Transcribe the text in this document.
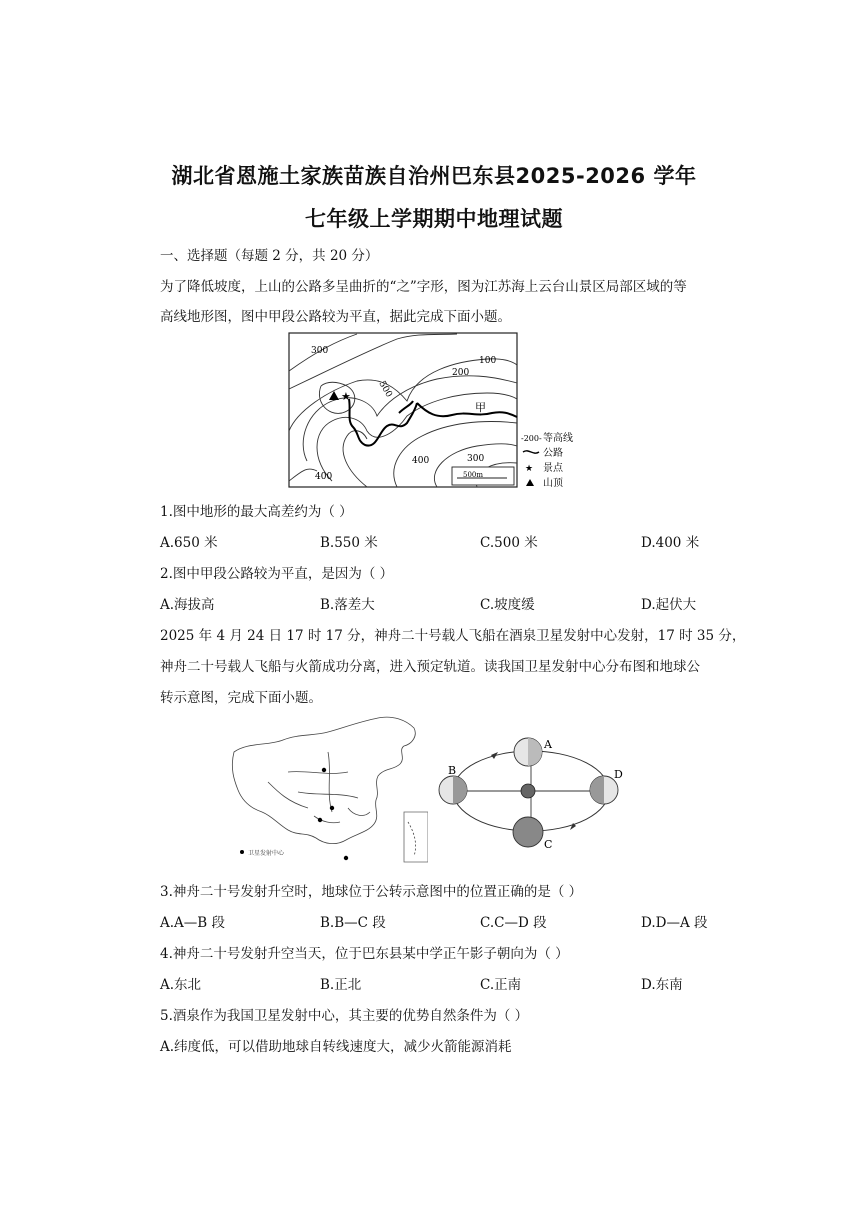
湖北省恩施土家族苗族自治州巴东县2025-2026 学年
七年级上学期期中地理试题
一、选择题（每题 2 分，共 20 分）
为了降低坡度，上山的公路多呈曲折的“之”字形，图为江苏海上云台山景区局部区域的等
高线地形图，图中甲段公路较为平直，据此完成下面小题。
★
300
500
400
100
200
400	300
甲
500m
-200- 等高线
公路
★ 景点
山顶
1.图中地形的最大高差约为（ ）
A.650 米	B.550 米	C.500 米	D.400 米
2.图中甲段公路较为平直，是因为（ ）
A.海拔高	B.落差大	C.坡度缓	D.起伏大
2025 年 4 月 24 日 17 时 17 分，神舟二十号载人飞船在酒泉卫星发射中心发射，17 时 35 分，
神舟二十号载人飞船与火箭成功分离，进入预定轨道。读我国卫星发射中心分布图和地球公
转示意图，完成下面小题。
卫星发射中心
A
B
C
D
3.神舟二十号发射升空时，地球位于公转示意图中的位置正确的是（ ）
A.A—B 段	B.B—C 段	C.C—D 段	D.D—A 段
4.神舟二十号发射升空当天，位于巴东县某中学正午影子朝向为（ ）
A.东北	B.正北	C.正南	D.东南
5.酒泉作为我国卫星发射中心，其主要的优势自然条件为（ ）
A.纬度低，可以借助地球自转线速度大，减少火箭能源消耗
